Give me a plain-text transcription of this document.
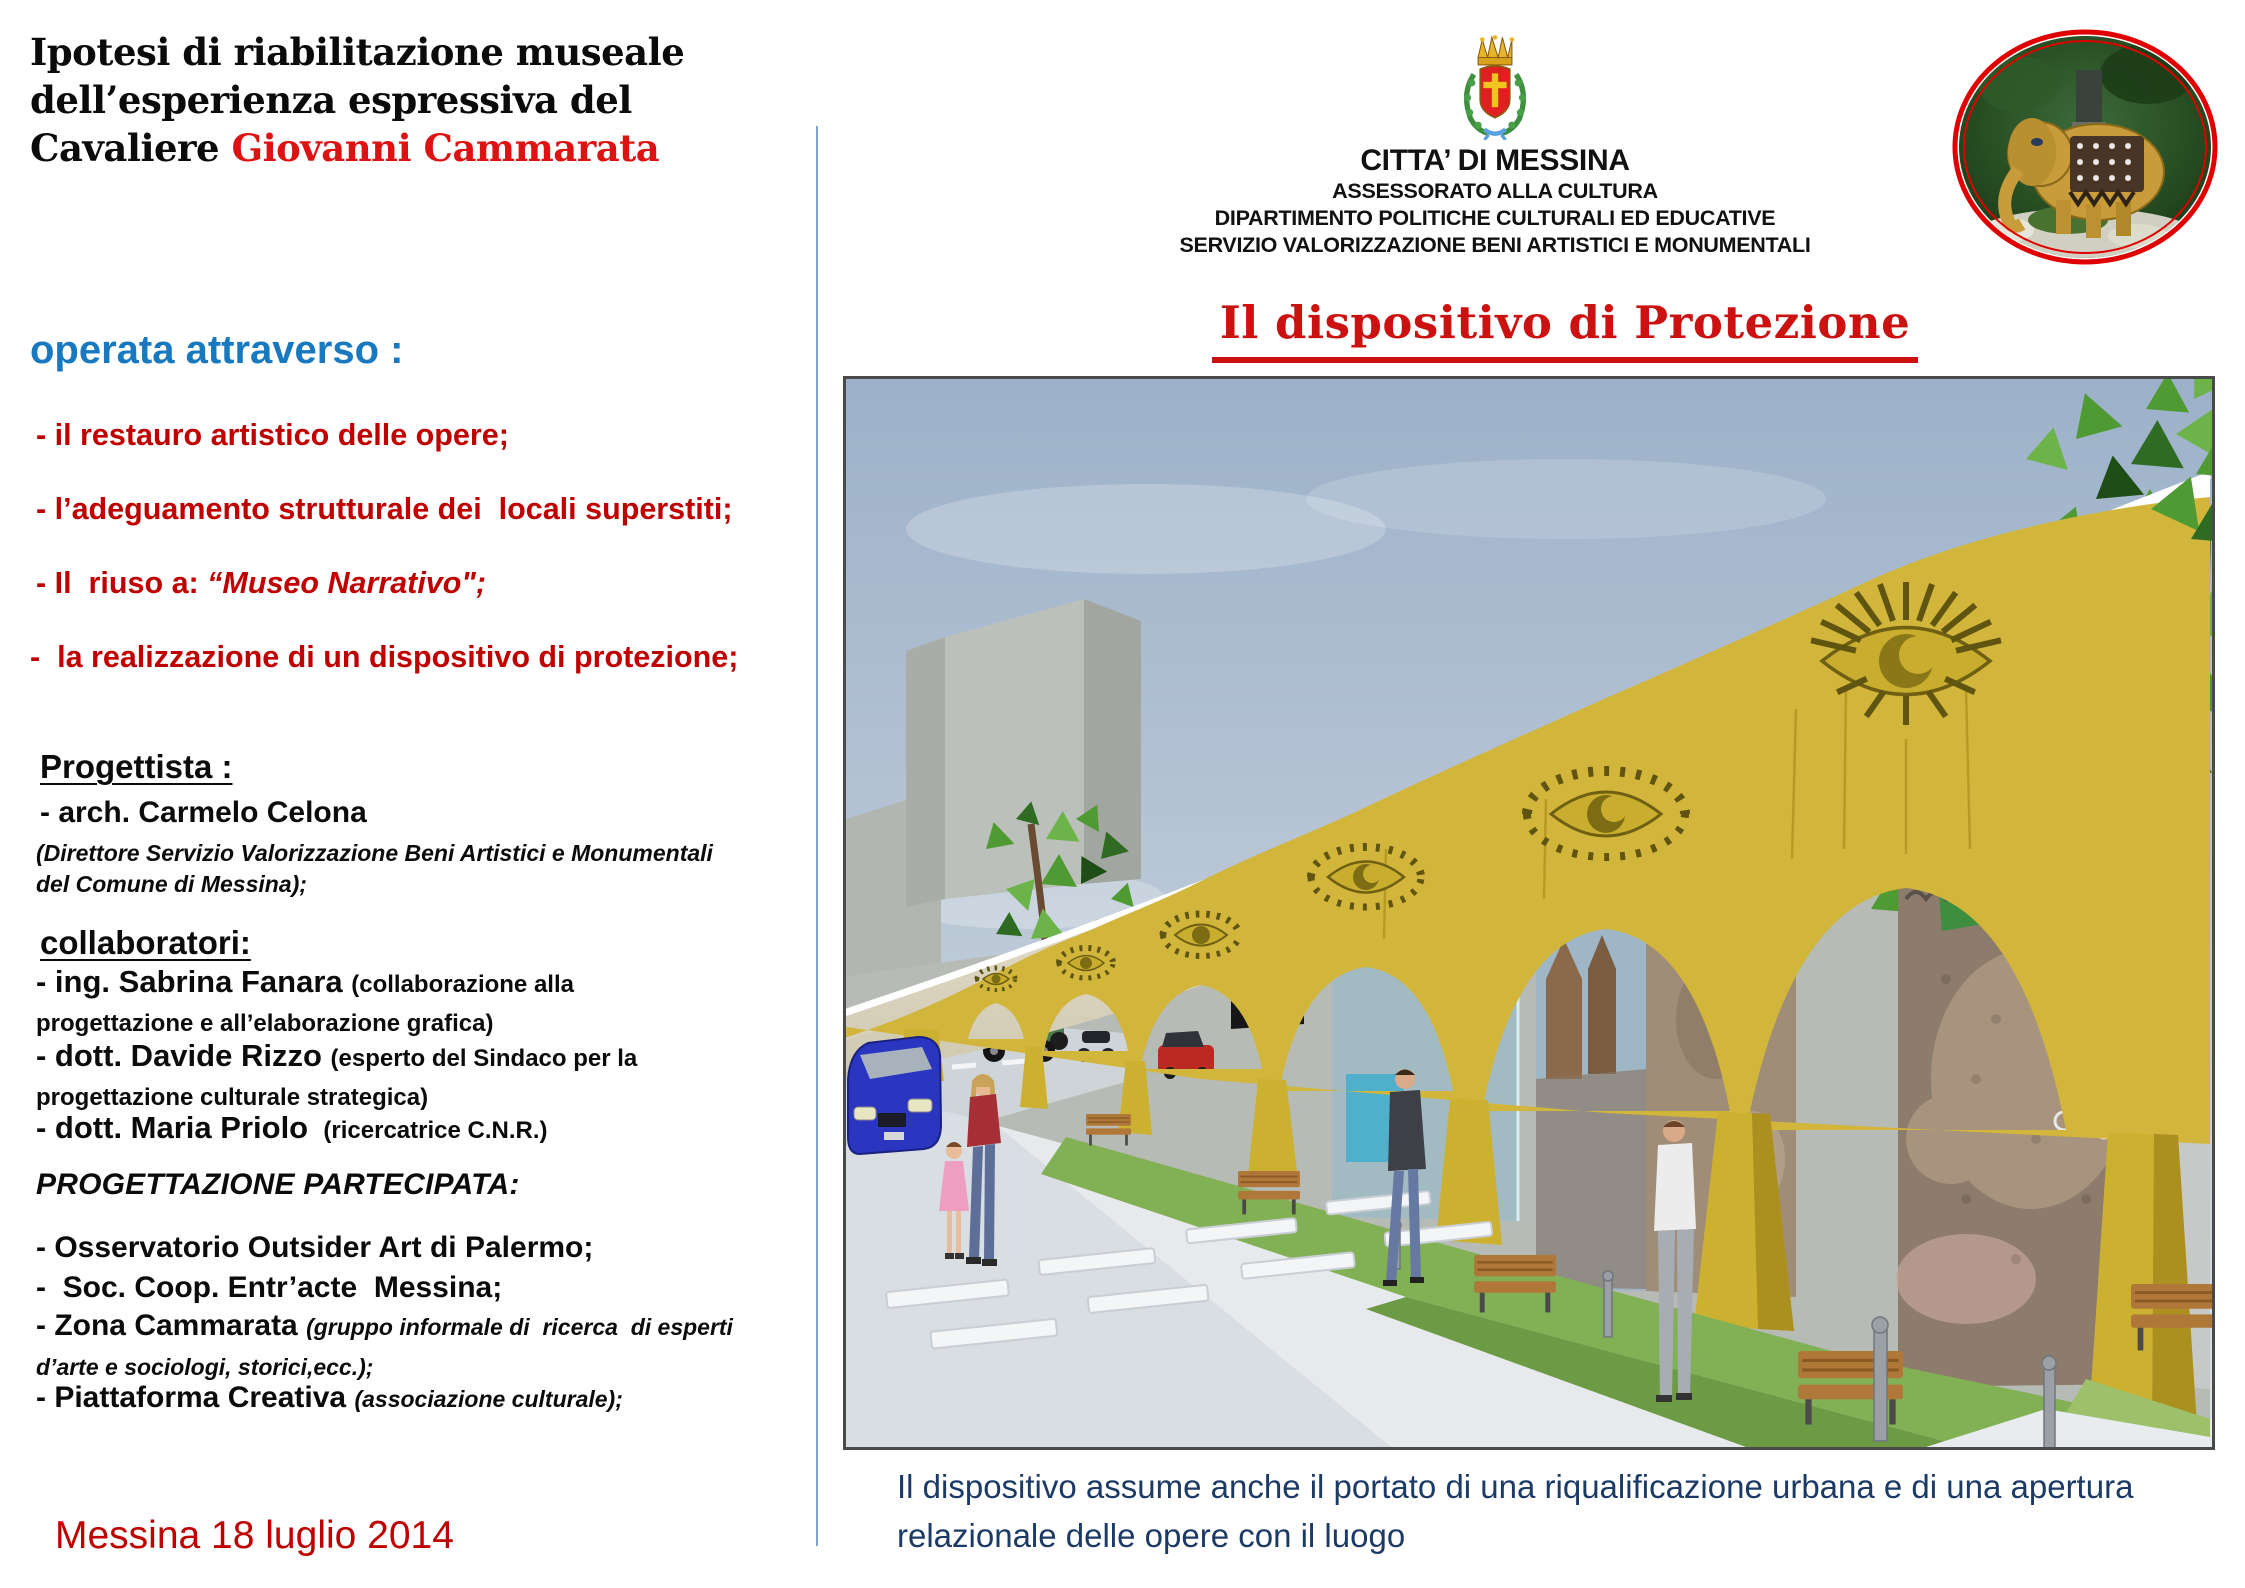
Ipotesi di riabilitazione museale
dell’esperienza espressiva del
Cavaliere Giovanni Cammarata	CITTA’ DI MESSINA
ASSESSORATO ALLA CULTURA
DIPARTIMENTO POLITICHE CULTURALI ED EDUCATIVE
SERVIZIO VALORIZZAZIONE BENI ARTISTICI E MONUMENTALI
operata attraverso :
- il restauro artistico delle opere;
- l’adeguamento strutturale dei  locali superstiti;
- Il  riuso a: “Museo Narrativo";
-  la realizzazione di un dispositivo di protezione;
Progettista :
- arch. Carmelo Celona
(Direttore Servizio Valorizzazione Beni Artistici e Monumentali del Comune di Messina);
collaboratori:
- ing. Sabrina Fanara (collaborazione alla progettazione e all’elaborazione grafica)
- dott. Davide Rizzo (esperto del Sindaco per la progettazione culturale strategica)
- dott. Maria Priolo  (ricercatrice C.N.R.)
PROGETTAZIONE PARTECIPATA:
- Osservatorio Outsider Art di Palermo;
-  Soc. Coop. Entr’acte  Messina;
- Zona Cammarata (gruppo informale di  ricerca  di esperti d’arte e sociologi, storici,ecc.);
- Piattaforma Creativa (associazione culturale);
Messina 18 luglio 2014
Il dispositivo di Protezione
Il dispositivo assume anche il portato di una riqualificazione urbana e di una apertura
relazionale delle opere con il luogo
